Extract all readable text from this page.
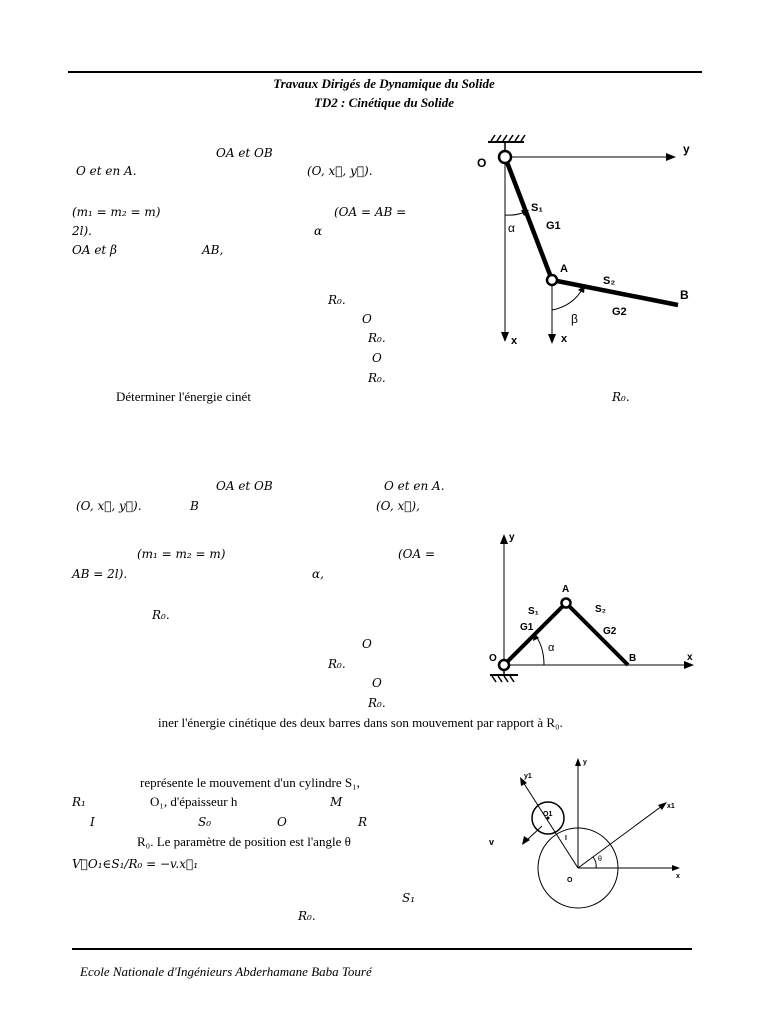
Travaux Dirigés de Dynamique du Solide
TD2 : Cinétique du Solide
OA et OB
O et en A.	(O, x⃗, y⃗).
(m₁ = m₂ = m)	(OA = AB =
2l).	α
OA et β	AB,
R₀.
O
R₀.
O
R₀.
Déterminer l'énergie cinét	R₀.
O
y
S₁
G1
α
A
S₂
B
G2
β
x	x
OA et OB	O et en A.
(O, x⃗, y⃗).	B	(O, x⃗),
(m₁ = m₂ = m)	(OA =
AB = 2l).	α,
R₀.
O
R₀.
O
R₀.
iner l'énergie cinétique des deux barres dans son mouvement par rapport à R₀.
y
A
S₁	S₂
G1	G2
O
α
B	x
représente le mouvement d'un cylindre S₁,
R₁	O₁, d'épaisseur h	M
I	S₀	O	R
R₀. Le paramètre de position est l'angle θ
V⃗O₁∈S₁/R₀ = −v.x⃗₁
S₁
R₀.
y1
y
x1
O1
I
v
θ
O
x
Ecole Nationale d'Ingénieurs Abderhamane Baba Touré
